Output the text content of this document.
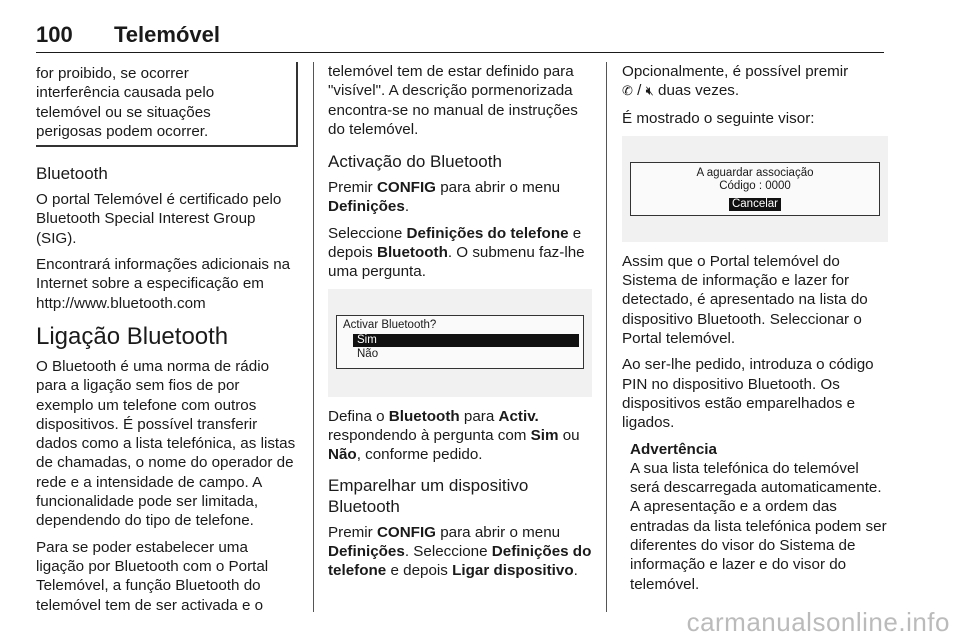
100 Telemóvel

for proibido, se ocorrer

interferência causada pelo

telemóvel ou se situações

perigosas podem ocorrer.

Bluetooth

O portal Telemóvel é certificado pelo Bluetooth Special Interest Group (SIG).

Encontrará informações adicionais na Internet sobre a especificação em http://www.bluetooth.com

Ligação Bluetooth

O Bluetooth é uma norma de rádio para a ligação sem fios de por exemplo um telefone com outros dispositivos. É possível transferir dados como a lista telefónica, as listas de chamadas, o nome do operador de rede e a intensidade de campo. A funcionalidade pode ser limitada, dependendo do tipo de telefone.

Para se poder estabelecer uma ligação por Bluetooth com o Portal Telemóvel, a função Bluetooth do telemóvel tem de ser activada e o

telemóvel tem de estar definido para "visível". A descrição pormenorizada encontra-se no manual de instruções do telemóvel.

Activação do Bluetooth

Premir CONFIG para abrir o menu Definições.

Seleccione Definições do telefone e depois Bluetooth. O submenu faz-lhe uma pergunta.

Activar Bluetooth?
Sim
Não

Defina o Bluetooth para Activ. respondendo à pergunta com Sim ou Não, conforme pedido.

Emparelhar um dispositivo Bluetooth

Premir CONFIG para abrir o menu Definições. Seleccione Definições do telefone e depois Ligar dispositivo.

Opcionalmente, é possível premir
✆ / 🔇︎ duas vezes.

É mostrado o seguinte visor:

A aguardar associação
Código : 0000
Cancelar

Assim que o Portal telemóvel do Sistema de informação e lazer for detectado, é apresentado na lista do dispositivo Bluetooth. Seleccionar o Portal telemóvel.

Ao ser-lhe pedido, introduza o código PIN no dispositivo Bluetooth. Os dispositivos estão emparelhados e ligados.

Advertência
A sua lista telefónica do telemóvel será descarregada automaticamente. A apresentação e a ordem das entradas da lista telefónica podem ser diferentes do visor do Sistema de informação e lazer e do visor do telemóvel.
carmanualsonline.info
